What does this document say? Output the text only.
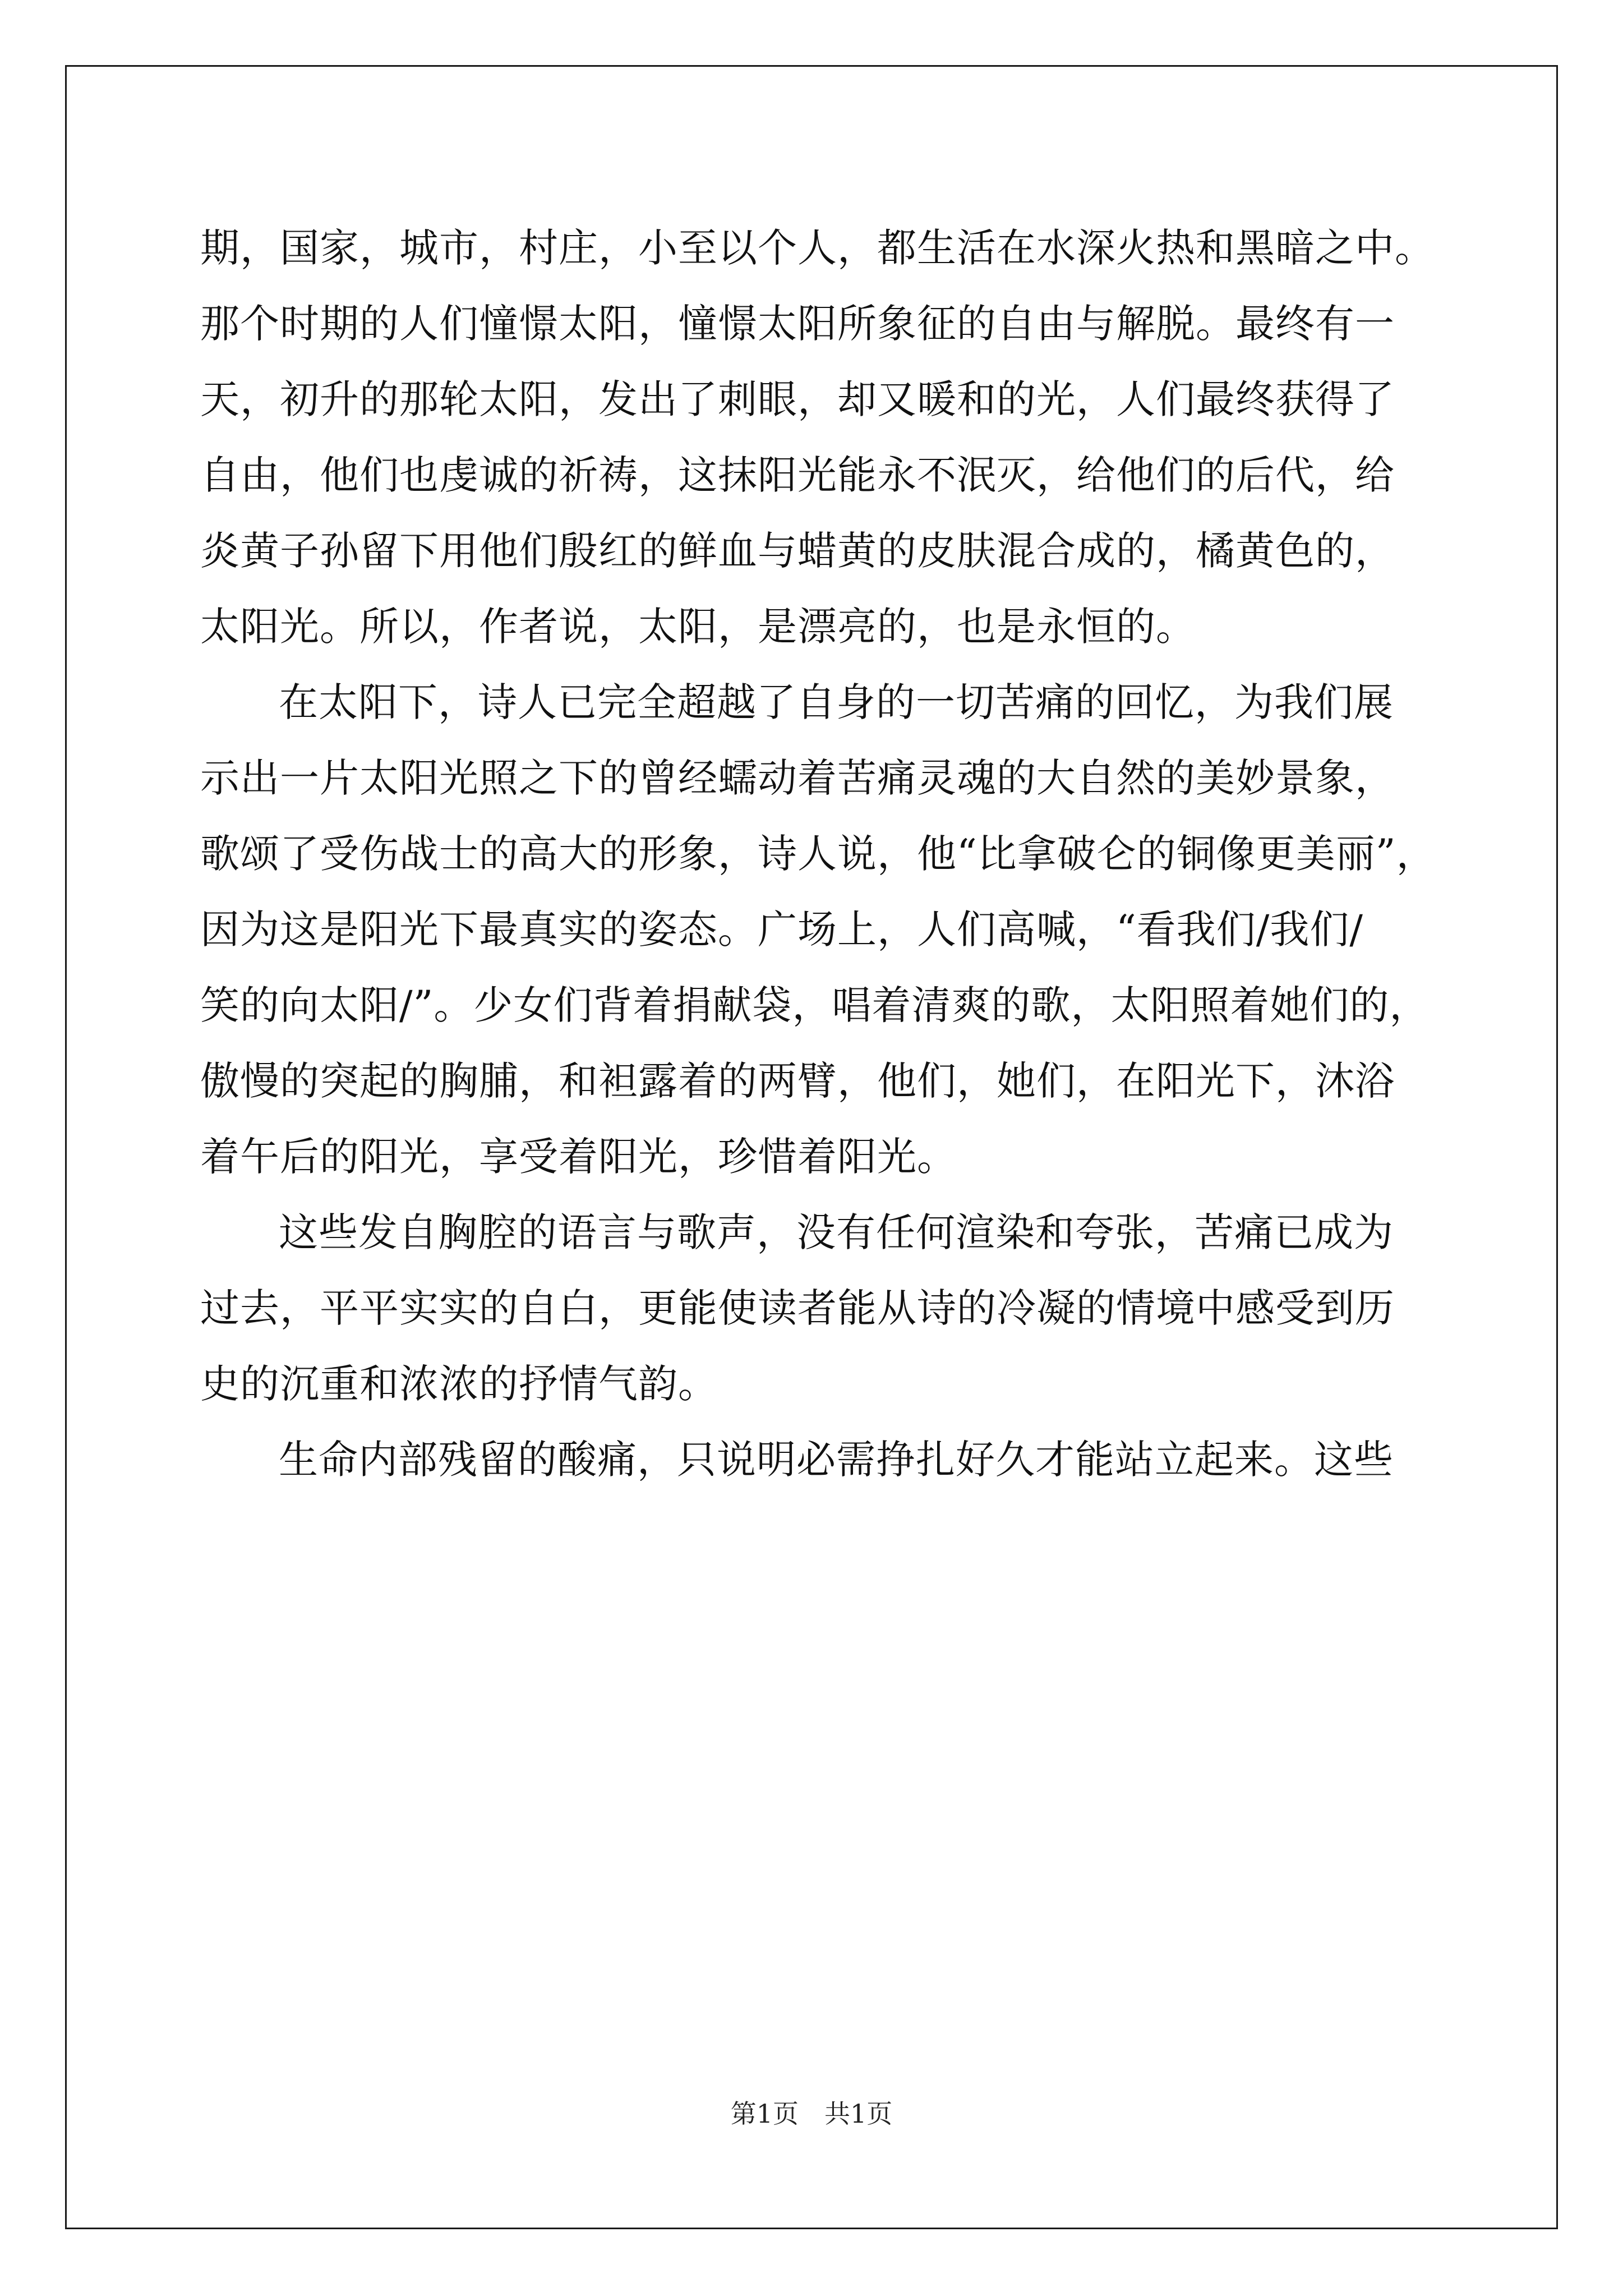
期，国家，城市，村庄，小至以个人，都生活在水深火热和黑暗之中。
那个时期的人们憧憬太阳，憧憬太阳所象征的自由与解脱。最终有一
天，初升的那轮太阳，发出了刺眼，却又暖和的光，人们最终获得了
自由，他们也虔诚的祈祷，这抹阳光能永不泯灭，给他们的后代，给
炎黄子孙留下用他们殷红的鲜血与蜡黄的皮肤混合成的，橘黄色的，
太阳光。所以，作者说，太阳，是漂亮的，也是永恒的。
在太阳下，诗人已完全超越了自身的一切苦痛的回忆，为我们展
示出一片太阳光照之下的曾经蠕动着苦痛灵魂的大自然的美妙景象，
歌颂了受伤战士的高大的形象，诗人说，他“比拿破仑的铜像更美丽”，
因为这是阳光下最真实的姿态。广场上，人们高喊，“看我们/我们/
笑的向太阳/”。少女们背着捐献袋，唱着清爽的歌，太阳照着她们的，
傲慢的突起的胸脯，和袒露着的两臂，他们，她们，在阳光下，沐浴
着午后的阳光，享受着阳光，珍惜着阳光。
这些发自胸腔的语言与歌声，没有任何渲染和夸张，苦痛已成为
过去，平平实实的自白，更能使读者能从诗的冷凝的情境中感受到历
史的沉重和浓浓的抒情气韵。
生命内部残留的酸痛，只说明必需挣扎好久才能站立起来。这些
第1页 共1页
